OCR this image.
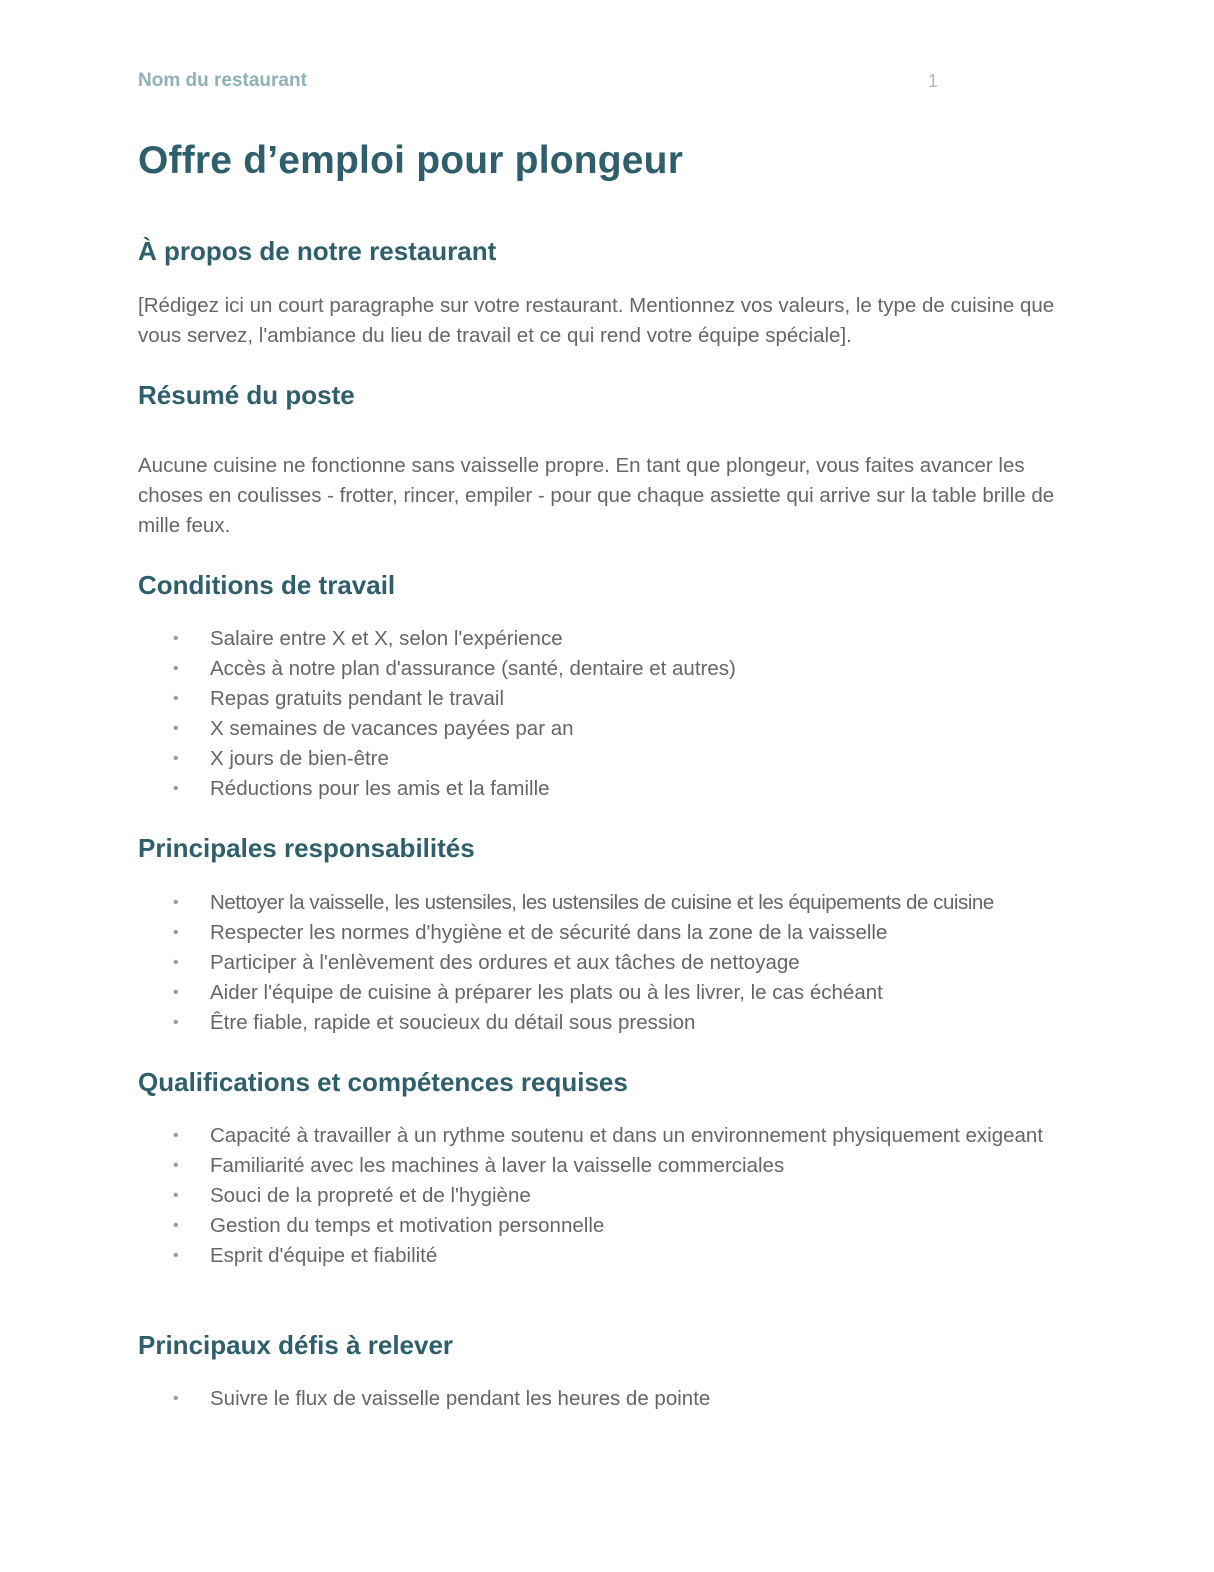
Nom du restaurant	1
Offre d’emploi pour plongeur
À propos de notre restaurant

[Rédigez ici un court paragraphe sur votre restaurant. Mentionnez vos valeurs, le type de cuisine que vous servez, l'ambiance du lieu de travail et ce qui rend votre équipe spéciale].

Résumé du poste

Aucune cuisine ne fonctionne sans vaisselle propre. En tant que plongeur, vous faites avancer les choses en coulisses - frotter, rincer, empiler - pour que chaque assiette qui arrive sur la table brille de mille feux.

Conditions de travail
• Salaire entre X et X, selon l'expérience
• Accès à notre plan d'assurance (santé, dentaire et autres)
• Repas gratuits pendant le travail
• X semaines de vacances payées par an
• X jours de bien-être
• Réductions pour les amis et la famille
Principales responsabilités
• Nettoyer la vaisselle, les ustensiles, les ustensiles de cuisine et les équipements de cuisine
• Respecter les normes d'hygiène et de sécurité dans la zone de la vaisselle
• Participer à l'enlèvement des ordures et aux tâches de nettoyage
• Aider l'équipe de cuisine à préparer les plats ou à les livrer, le cas échéant
• Être fiable, rapide et soucieux du détail sous pression
Qualifications et compétences requises
• Capacité à travailler à un rythme soutenu et dans un environnement physiquement exigeant
• Familiarité avec les machines à laver la vaisselle commerciales
• Souci de la propreté et de l'hygiène
• Gestion du temps et motivation personnelle
• Esprit d'équipe et fiabilité
Principaux défis à relever
• Suivre le flux de vaisselle pendant les heures de pointe
